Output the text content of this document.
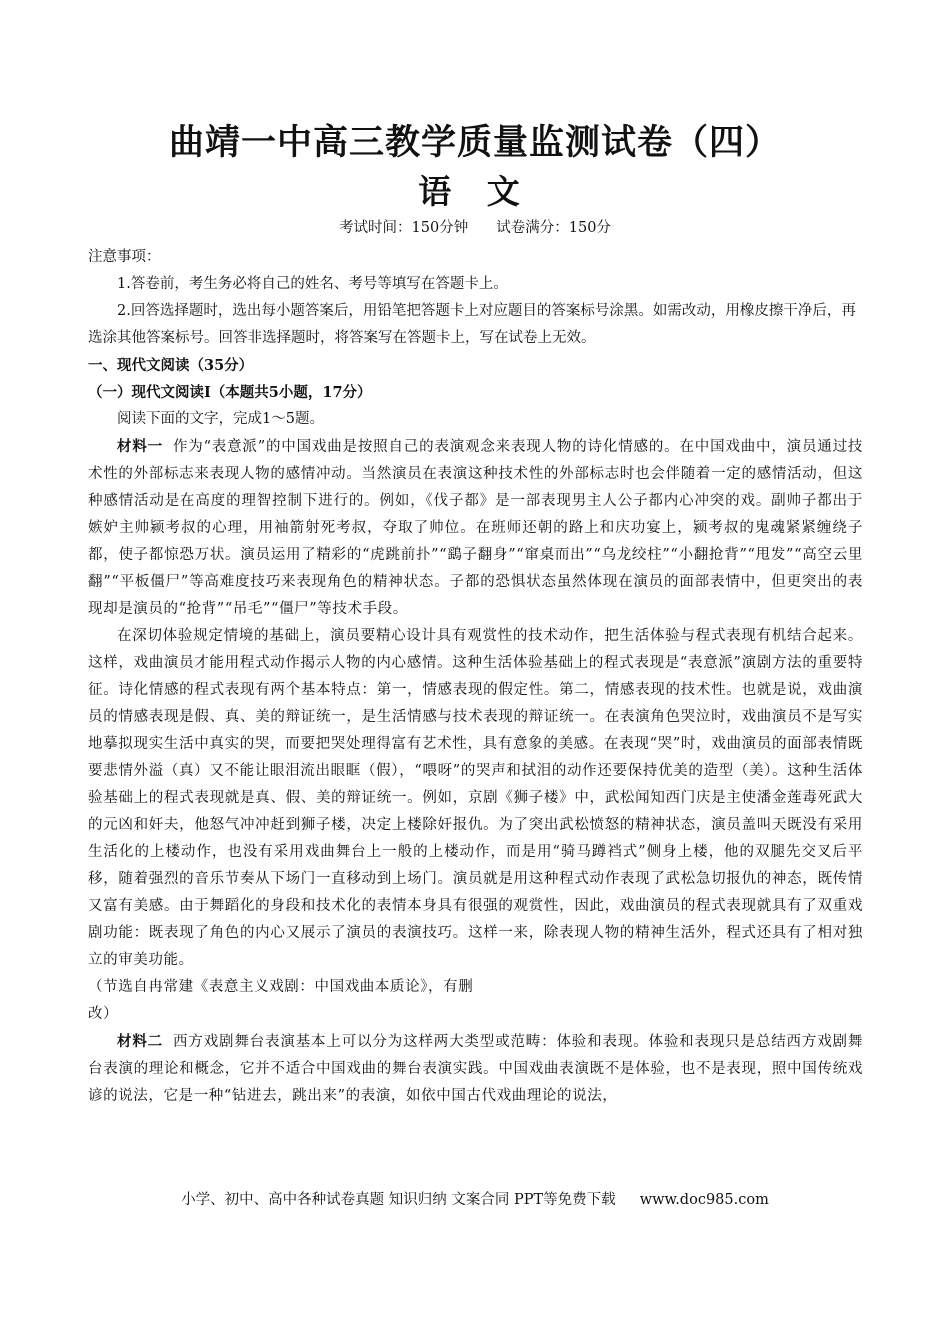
曲靖一中高三教学质量监测试卷（四）
语 文
考试时间：150分钟 试卷满分：150分

注意事项：

1.答卷前，考生务必将自己的姓名、考号等填写在答题卡上。

2.回答选择题时，选出每小题答案后，用铅笔把答题卡上对应题目的答案标号涂黑。如需改动，用橡皮擦干净后，再选涂其他答案标号。回答非选择题时，将答案写在答题卡上，写在试卷上无效。

一、现代文阅读（35分）

（一）现代文阅读Ⅰ（本题共5小题，17分）

阅读下面的文字，完成1～5题。

材料一 作为“表意派”的中国戏曲是按照自己的表演观念来表现人物的诗化情感的。在中国戏曲中，演员通过技术性的外部标志来表现人物的感情冲动。当然演员在表演这种技术性的外部标志时也会伴随着一定的感情活动，但这种感情活动是在高度的理智控制下进行的。例如，《伐子都》是一部表现男主人公子都内心冲突的戏。副帅子都出于嫉妒主帅颍考叔的心理，用袖箭射死考叔，夺取了帅位。在班师还朝的路上和庆功宴上，颍考叔的鬼魂紧紧缠绕子都，使子都惊恐万状。演员运用了精彩的“虎跳前扑”“鷂子翻身”“窜桌而出”“乌龙绞柱”“小翻抢背”“甩发”“高空云里翻”“平板僵尸”等高难度技巧来表现角色的精神状态。子都的恐惧状态虽然体现在演员的面部表情中，但更突出的表现却是演员的“抢背”“吊毛”“僵尸”等技术手段。

在深切体验规定情境的基础上，演员要精心设计具有观赏性的技术动作，把生活体验与程式表现有机结合起来。这样，戏曲演员才能用程式动作揭示人物的内心感情。这种生活体验基础上的程式表现是“表意派”演剧方法的重要特征。诗化情感的程式表现有两个基本特点：第一，情感表现的假定性。第二，情感表现的技术性。也就是说，戏曲演员的情感表现是假、真、美的辩证统一，是生活情感与技术表现的辩证统一。在表演角色哭泣时，戏曲演员不是写实地摹拟现实生活中真实的哭，而要把哭处理得富有艺术性，具有意象的美感。在表现“哭”时，戏曲演员的面部表情既要悲情外溢（真）又不能让眼泪流出眼眶（假），“喂呀”的哭声和拭泪的动作还要保持优美的造型（美）。这种生活体验基础上的程式表现就是真、假、美的辩证统一。例如，京剧《狮子楼》中，武松闻知西门庆是主使潘金莲毒死武大的元凶和奸夫，他怒气冲冲赶到狮子楼，决定上楼除奸报仇。为了突出武松愤怒的精神状态，演员盖叫天既没有采用生活化的上楼动作，也没有采用戏曲舞台上一般的上楼动作，而是用“骑马蹲裆式”侧身上楼，他的双腿先交叉后平移，随着强烈的音乐节奏从下场门一直移动到上场门。演员就是用这种程式动作表现了武松急切报仇的神态，既传情又富有美感。由于舞蹈化的身段和技术化的表情本身具有很强的观赏性，因此，戏曲演员的程式表现就具有了双重戏剧功能：既表现了角色的内心又展示了演员的表演技巧。这样一来，除表现人物的精神生活外，程式还具有了相对独立的审美功能。

（节选自冉常建《表意主义戏剧：中国戏曲本质论》，有删

改）

材料二 西方戏剧舞台表演基本上可以分为这样两大类型或范畴：体验和表现。体验和表现只是总结西方戏剧舞台表演的理论和概念，它并不适合中国戏曲的舞台表演实践。中国戏曲表演既不是体验，也不是表现，照中国传统戏谚的说法，它是一种“钻进去，跳出来”的表演，如依中国古代戏曲理论的说法，

小学、初中、高中各种试卷真题 知识归纳 文案合同 PPT等免费下载 www.doc985.com
